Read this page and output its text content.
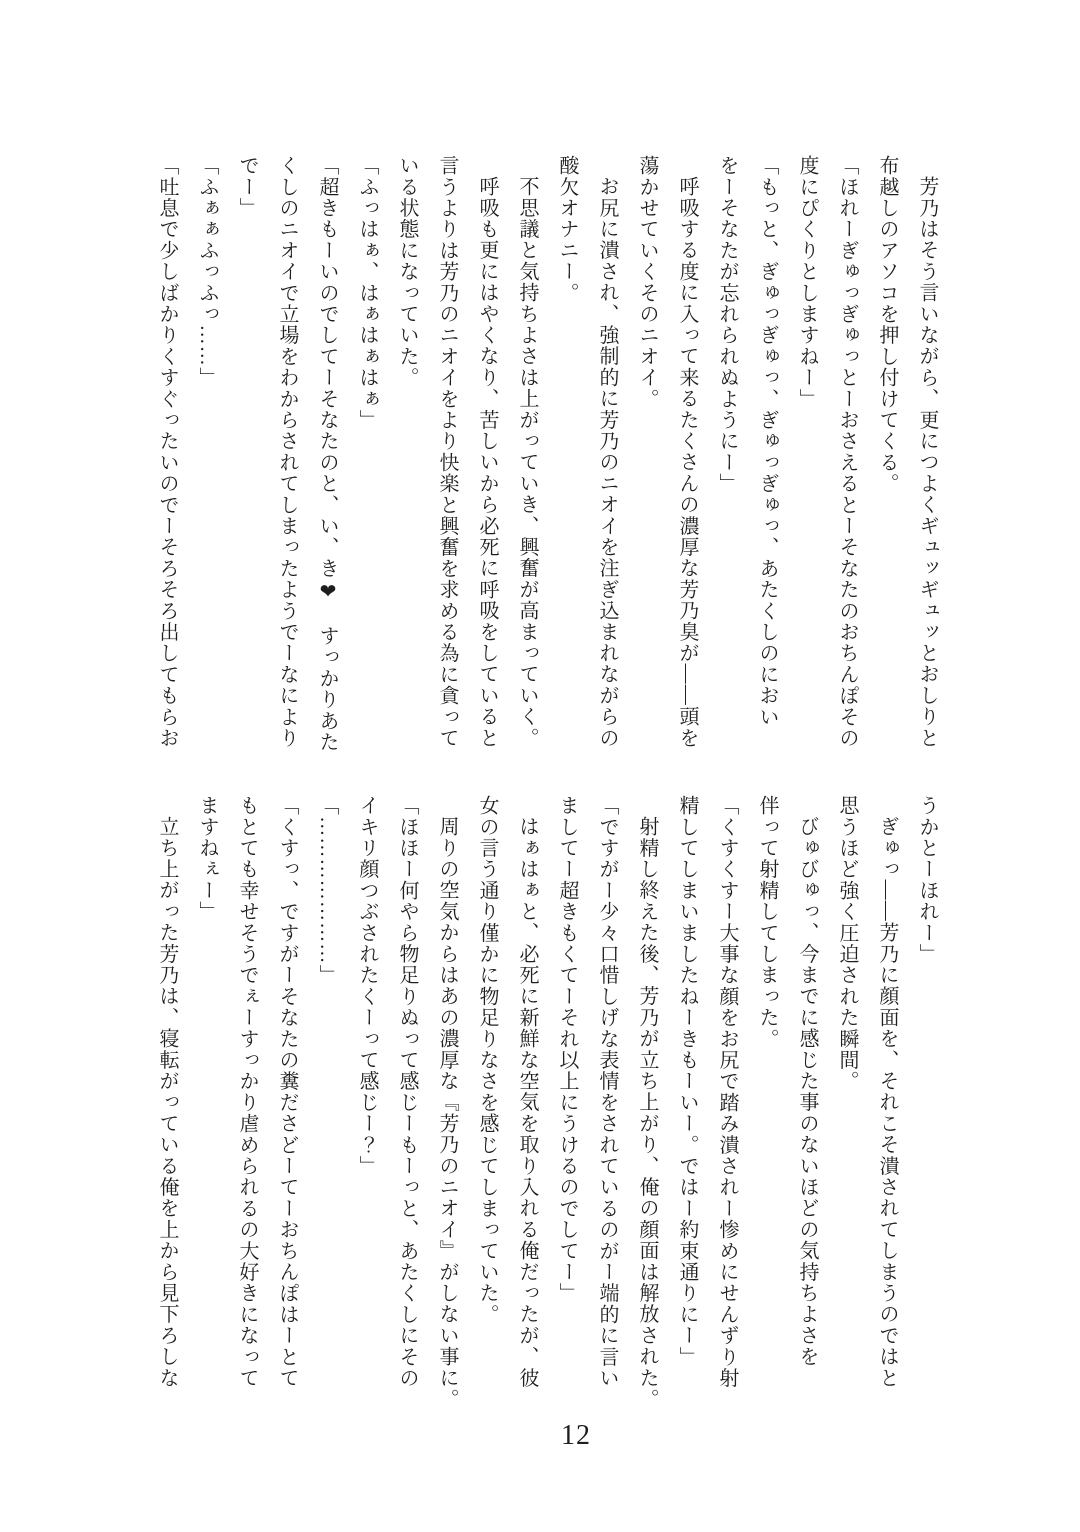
芳乃はそう言いながら、更につよくギュッギュッとおしりと
布越しのアソコを押し付けてくる。
「ほれーぎゅっぎゅっとーおさえるとーそなたのおちんぽその
度にぴくりとしますねー」
「もっと、ぎゅっぎゅっ、ぎゅっぎゅっ、あたくしのにおい
をーそなたが忘れられぬようにー」
呼吸する度に入って来るたくさんの濃厚な芳乃臭が――頭を
蕩かせていくそのニオイ。
お尻に潰され、強制的に芳乃のニオイを注ぎ込まれながらの
酸欠オナニー。
不思議と気持ちよさは上がっていき、興奮が高まっていく。
呼吸も更にはやくなり、苦しいから必死に呼吸をしていると
言うよりは芳乃のニオイをより快楽と興奮を求める為に貪って
いる状態になっていた。
「ふっはぁ、はぁはぁはぁ」
「超きもーいのでしてーそなたのと、い、き❤　すっかりあた
くしのニオイで立場をわからされてしまったようでーなにより
でー」
「ふぁぁふっふっ……」
「吐息で少しばかりくすぐったいのでーそろそろ出してもらお
うかとーほれー」
ぎゅっ――芳乃に顔面を、それこそ潰されてしまうのではと
思うほど強く圧迫された瞬間。
びゅびゅっ、今までに感じた事のないほどの気持ちよさを
伴って射精してしまった。
「くすくすー大事な顔をお尻で踏み潰されー惨めにせんずり射
精してしまいましたねーきもーいー。ではー約束通りにー」
射精し終えた後、芳乃が立ち上がり、俺の顔面は解放された。
「ですがー少々口惜しげな表情をされているのがー端的に言い
ましてー超きもくてーそれ以上にうけるのでしてー」
はぁはぁと、必死に新鮮な空気を取り入れる俺だったが、彼
女の言う通り僅かに物足りなさを感じてしまっていた。
周りの空気からはあの濃厚な『芳乃のニオイ』がしない事に。
「ほほー何やら物足りぬって感じーもーっと、あたくしにその
イキリ顔つぶされたくーって感じー？」
「…………………」
「くすっ、ですがーそなたの糞ださどーてーおちんぽはーとて
もとても幸せそうでぇーすっかり虐められるの大好きになって
ますねぇー」
立ち上がった芳乃は、寝転がっている俺を上から見下ろしな
12
